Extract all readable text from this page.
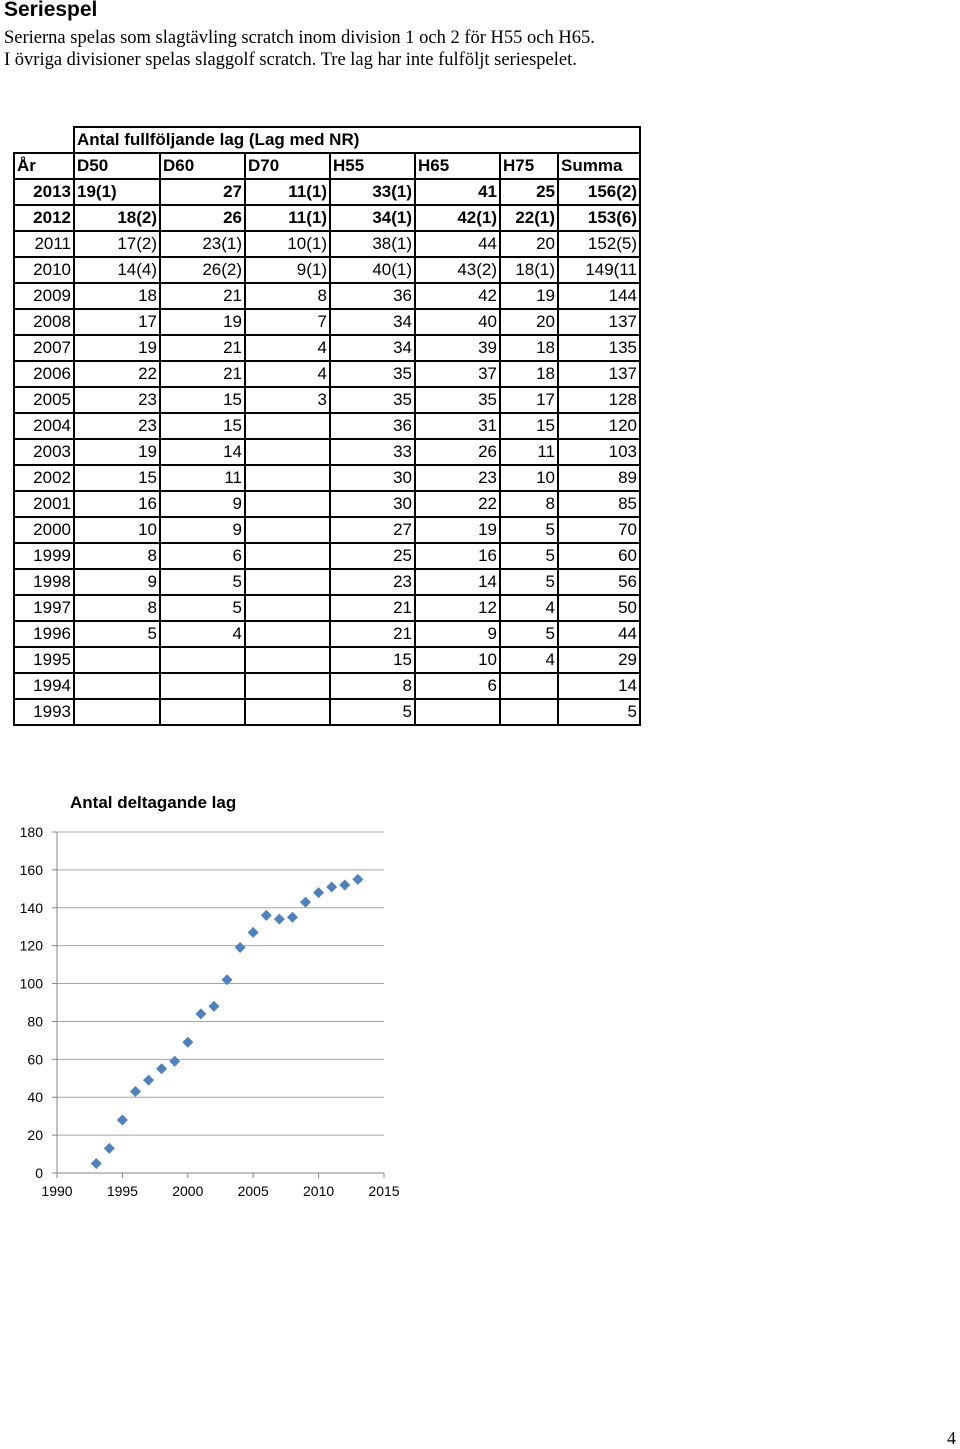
Seriespel
Serierna spelas som slagtävling scratch inom division 1 och 2 för H55 och H65.
I övriga divisioner spelas slaggolf scratch. Tre lag har inte fulföljt seriespelet.
	Antal fullföljande lag (Lag med NR)						
År	D50	D60	D70	H55	H65	H75	Summa
2013	19(1)	27	11(1)	33(1)	41	25	156(2)
2012	18(2)	26	11(1)	34(1)	42(1)	22(1)	153(6)
2011	17(2)	23(1)	10(1)	38(1)	44	20	152(5)
2010	14(4)	26(2)	9(1)	40(1)	43(2)	18(1)	149(11
2009	18	21	8	36	42	19	144
2008	17	19	7	34	40	20	137
2007	19	21	4	34	39	18	135
2006	22	21	4	35	37	18	137
2005	23	15	3	35	35	17	128
2004	23	15		36	31	15	120
2003	19	14		33	26	11	103
2002	15	11		30	23	10	89
2001	16	9		30	22	8	85
2000	10	9		27	19	5	70
1999	8	6		25	16	5	60
1998	9	5		23	14	5	56
1997	8	5		21	12	4	50
1996	5	4		21	9	5	44
1995				15	10	4	29
1994				8	6		14
1993				5			5
Antal deltagande lag
0
20
40
60
80
100
120
140
160
180
1990 1995 2000 2005 2010 2015
4
